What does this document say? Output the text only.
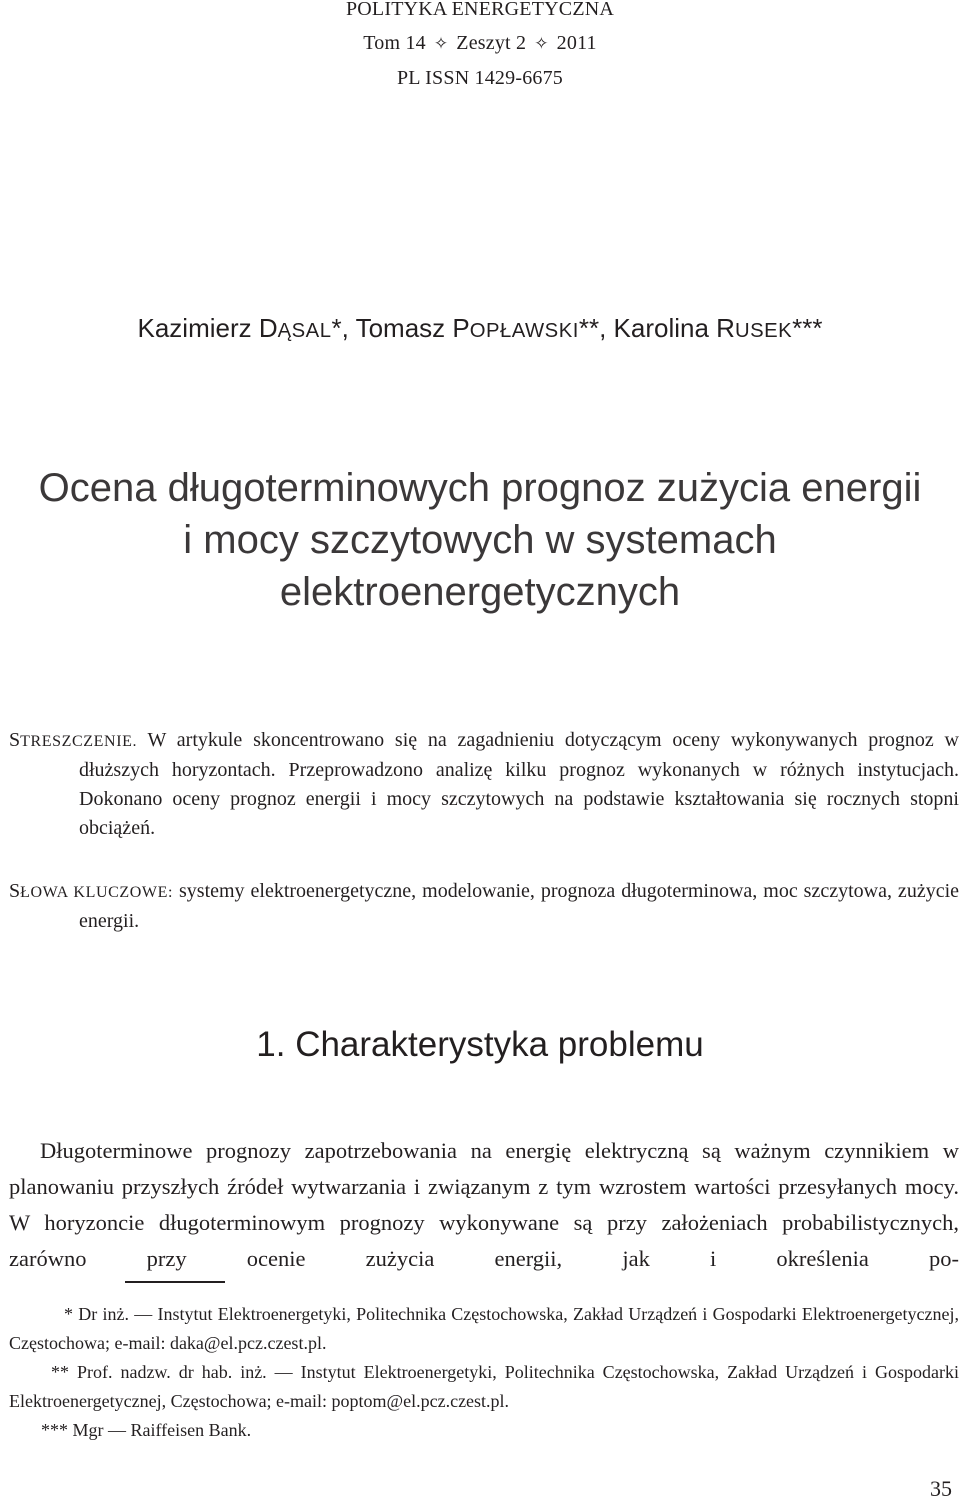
POLITYKA ENERGETYCZNA
Tom 14 ✧ Zeszyt 2 ✧ 2011
PL ISSN 1429-6675
Kazimierz DĄSAL*, Tomasz POPŁAWSKI**, Karolina RUSEK***
Ocena długoterminowych prognoz zużycia energii
i mocy szczytowych w systemach
elektroenergetycznych

STRESZCZENIE. W artykule skoncentrowano się na zagadnieniu dotyczącym oceny wykonywanych prognoz w dłuższych horyzontach. Przeprowadzono analizę kilku prognoz wykonanych w różnych instytucjach. Dokonano oceny prognoz energii i mocy szczytowych na podstawie kształtowania się rocznych stopni obciążeń.

SŁOWA KLUCZOWE: systemy elektroenergetyczne, modelowanie, prognoza długoterminowa, moc szczytowa, zużycie energii.

1. Charakterystyka problemu

Długoterminowe prognozy zapotrzebowania na energię elektryczną są ważnym czynnikiem w planowaniu przyszłych źródeł wytwarzania i związanym z tym wzrostem wartości przesyłanych mocy. W horyzoncie długoterminowym prognozy wykonywane są przy założeniach probabilistycznych, zarówno przy ocenie zużycia energii, jak i określenia po-

* Dr inż. — Instytut Elektroenergetyki, Politechnika Częstochowska, Zakład Urządzeń i Gospodarki Elektroenergetycznej, Częstochowa; e-mail: daka@el.pcz.czest.pl.

** Prof. nadzw. dr hab. inż. — Instytut Elektroenergetyki, Politechnika Częstochowska, Zakład Urządzeń i Gospodarki Elektroenergetycznej, Częstochowa; e-mail: poptom@el.pcz.czest.pl.

*** Mgr — Raiffeisen Bank.

35
